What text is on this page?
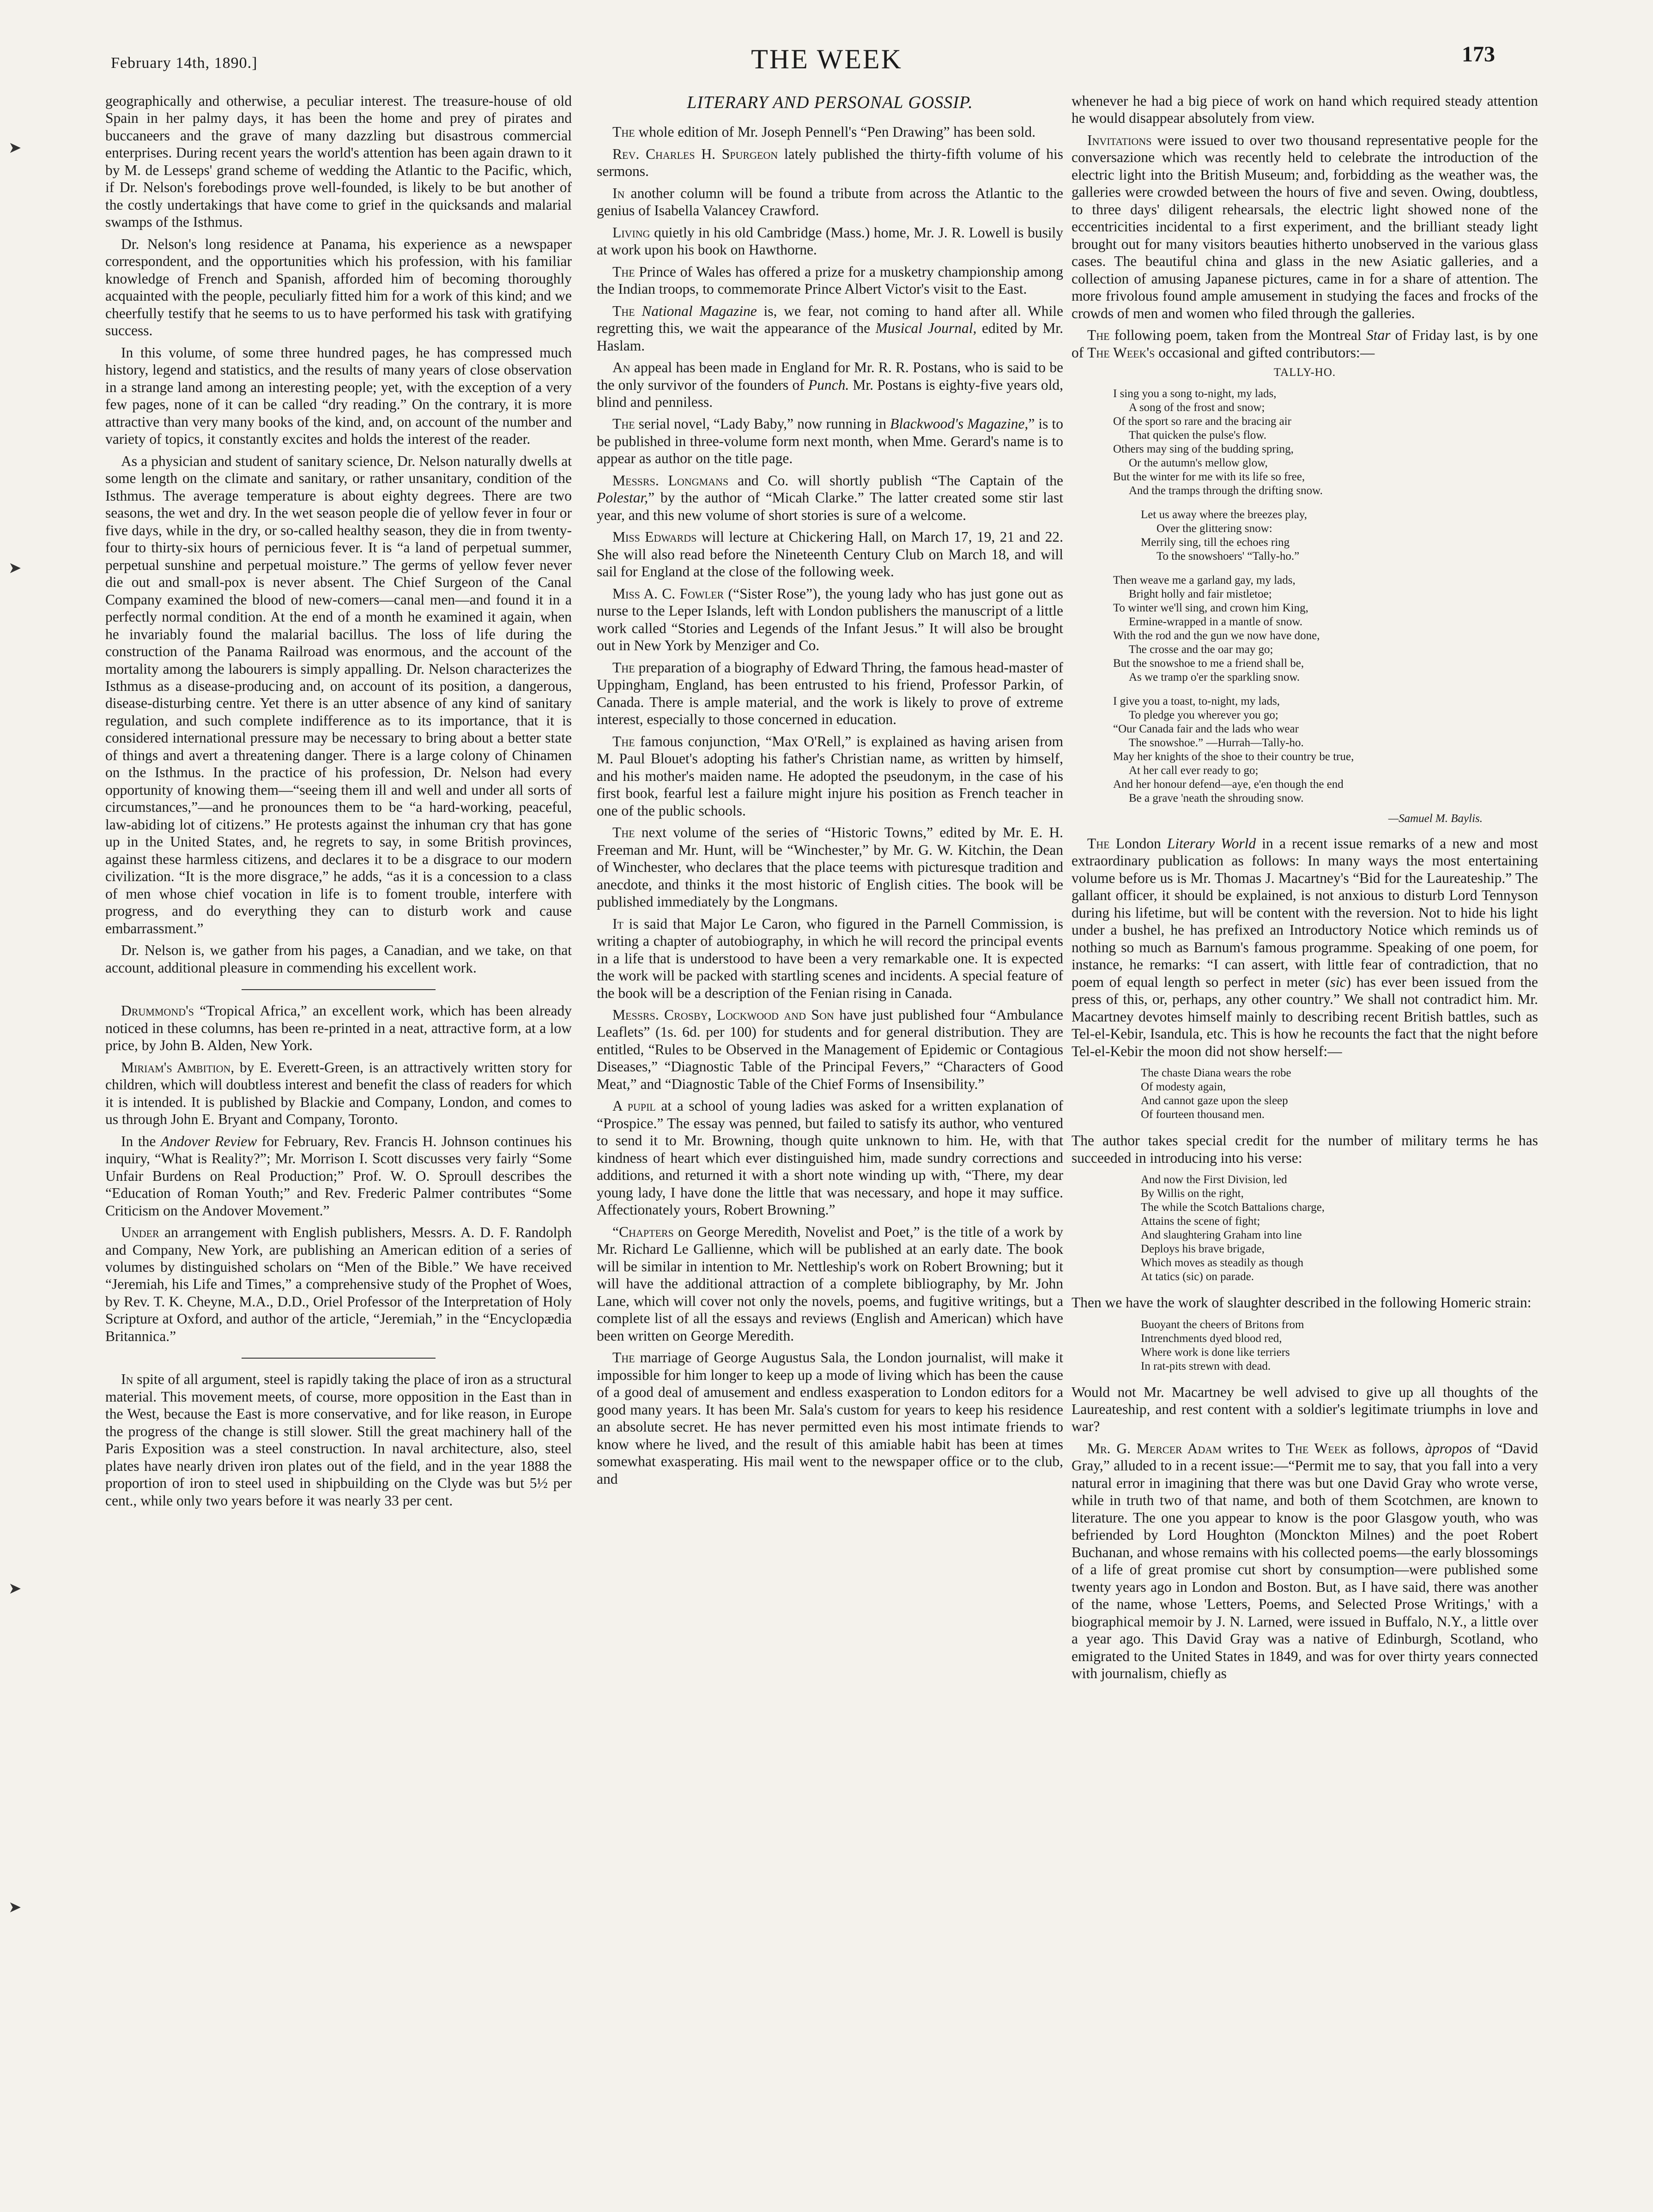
February 14th, 1890.]	THE WEEK	173
➤
➤
➤
➤

geographically and otherwise, a peculiar interest. The treasure-house of old Spain in her palmy days, it has been the home and prey of pirates and buccaneers and the grave of many dazzling but disastrous commercial enterprises. During recent years the world's attention has been again drawn to it by M. de Lesseps' grand scheme of wedding the Atlantic to the Pacific, which, if Dr. Nelson's forebodings prove well-founded, is likely to be but another of the costly undertakings that have come to grief in the quicksands and malarial swamps of the Isthmus.

Dr. Nelson's long residence at Panama, his experience as a newspaper correspondent, and the opportunities which his profession, with his familiar knowledge of French and Spanish, afforded him of becoming thoroughly acquainted with the people, peculiarly fitted him for a work of this kind; and we cheerfully testify that he seems to us to have performed his task with gratifying success.

In this volume, of some three hundred pages, he has compressed much history, legend and statistics, and the results of many years of close observation in a strange land among an interesting people; yet, with the exception of a very few pages, none of it can be called “dry reading.” On the contrary, it is more attractive than very many books of the kind, and, on account of the number and variety of topics, it constantly excites and holds the interest of the reader.

As a physician and student of sanitary science, Dr. Nelson naturally dwells at some length on the climate and sanitary, or rather unsanitary, condition of the Isthmus. The average temperature is about eighty degrees. There are two seasons, the wet and dry. In the wet season people die of yellow fever in four or five days, while in the dry, or so-called healthy season, they die in from twenty-four to thirty-six hours of pernicious fever. It is “a land of perpetual summer, perpetual sunshine and perpetual moisture.” The germs of yellow fever never die out and small-pox is never absent. The Chief Surgeon of the Canal Company examined the blood of new-comers—canal men—and found it in a perfectly normal condition. At the end of a month he examined it again, when he invariably found the malarial bacillus. The loss of life during the construction of the Panama Railroad was enormous, and the account of the mortality among the labourers is simply appalling. Dr. Nelson characterizes the Isthmus as a disease-producing and, on account of its position, a dangerous, disease-disturbing centre. Yet there is an utter absence of any kind of sanitary regulation, and such complete indifference as to its importance, that it is considered international pressure may be necessary to bring about a better state of things and avert a threatening danger. There is a large colony of Chinamen on the Isthmus. In the practice of his profession, Dr. Nelson had every opportunity of knowing them—“seeing them ill and well and under all sorts of circumstances,”—and he pronounces them to be “a hard-working, peaceful, law-abiding lot of citizens.” He protests against the inhuman cry that has gone up in the United States, and, he regrets to say, in some British provinces, against these harmless citizens, and declares it to be a disgrace to our modern civilization. “It is the more disgrace,” he adds, “as it is a concession to a class of men whose chief vocation in life is to foment trouble, interfere with progress, and do everything they can to disturb work and cause embarrassment.”

Dr. Nelson is, we gather from his pages, a Canadian, and we take, on that account, additional pleasure in commending his excellent work.

Drummond's “Tropical Africa,” an excellent work, which has been already noticed in these columns, has been re-printed in a neat, attractive form, at a low price, by John B. Alden, New York.

Miriam's Ambition, by E. Everett-Green, is an attractively written story for children, which will doubtless interest and benefit the class of readers for which it is intended. It is published by Blackie and Company, London, and comes to us through John E. Bryant and Company, Toronto.

In the Andover Review for February, Rev. Francis H. Johnson continues his inquiry, “What is Reality?”; Mr. Morrison I. Scott discusses very fairly “Some Unfair Burdens on Real Production;” Prof. W. O. Sproull describes the “Education of Roman Youth;” and Rev. Frederic Palmer contributes “Some Criticism on the Andover Movement.”

Under an arrangement with English publishers, Messrs. A. D. F. Randolph and Company, New York, are publishing an American edition of a series of volumes by distinguished scholars on “Men of the Bible.” We have received “Jeremiah, his Life and Times,” a comprehensive study of the Prophet of Woes, by Rev. T. K. Cheyne, M.A., D.D., Oriel Professor of the Interpretation of Holy Scripture at Oxford, and author of the article, “Jeremiah,” in the “Encyclopædia Britannica.”

In spite of all argument, steel is rapidly taking the place of iron as a structural material. This movement meets, of course, more opposition in the East than in the West, because the East is more conservative, and for like reason, in Europe the progress of the change is still slower. Still the great machinery hall of the Paris Exposition was a steel construction. In naval architecture, also, steel plates have nearly driven iron plates out of the field, and in the year 1888 the proportion of iron to steel used in shipbuilding on the Clyde was but 5½ per cent., while only two years before it was nearly 33 per cent.

LITERARY AND PERSONAL GOSSIP.

The whole edition of Mr. Joseph Pennell's “Pen Drawing” has been sold.

Rev. Charles H. Spurgeon lately published the thirty-fifth volume of his sermons.

In another column will be found a tribute from across the Atlantic to the genius of Isabella Valancey Crawford.

Living quietly in his old Cambridge (Mass.) home, Mr. J. R. Lowell is busily at work upon his book on Hawthorne.

The Prince of Wales has offered a prize for a musketry championship among the Indian troops, to commemorate Prince Albert Victor's visit to the East.

The National Magazine is, we fear, not coming to hand after all. While regretting this, we wait the appearance of the Musical Journal, edited by Mr. Haslam.

An appeal has been made in England for Mr. R. R. Postans, who is said to be the only survivor of the founders of Punch. Mr. Postans is eighty-five years old, blind and penniless.

The serial novel, “Lady Baby,” now running in Blackwood's Magazine,” is to be published in three-volume form next month, when Mme. Gerard's name is to appear as author on the title page.

Messrs. Longmans and Co. will shortly publish “The Captain of the Polestar,” by the author of “Micah Clarke.” The latter created some stir last year, and this new volume of short stories is sure of a welcome.

Miss Edwards will lecture at Chickering Hall, on March 17, 19, 21 and 22. She will also read before the Nineteenth Century Club on March 18, and will sail for England at the close of the following week.

Miss A. C. Fowler (“Sister Rose”), the young lady who has just gone out as nurse to the Leper Islands, left with London publishers the manuscript of a little work called “Stories and Legends of the Infant Jesus.” It will also be brought out in New York by Menziger and Co.

The preparation of a biography of Edward Thring, the famous head-master of Uppingham, England, has been entrusted to his friend, Professor Parkin, of Canada. There is ample material, and the work is likely to prove of extreme interest, especially to those concerned in education.

The famous conjunction, “Max O'Rell,” is explained as having arisen from M. Paul Blouet's adopting his father's Christian name, as written by himself, and his mother's maiden name. He adopted the pseudonym, in the case of his first book, fearful lest a failure might injure his position as French teacher in one of the public schools.

The next volume of the series of “Historic Towns,” edited by Mr. E. H. Freeman and Mr. Hunt, will be “Winchester,” by Mr. G. W. Kitchin, the Dean of Winchester, who declares that the place teems with picturesque tradition and anecdote, and thinks it the most historic of English cities. The book will be published immediately by the Longmans.

It is said that Major Le Caron, who figured in the Parnell Commission, is writing a chapter of autobiography, in which he will record the principal events in a life that is understood to have been a very remarkable one. It is expected the work will be packed with startling scenes and incidents. A special feature of the book will be a description of the Fenian rising in Canada.

Messrs. Crosby, Lockwood and Son have just published four “Ambulance Leaflets” (1s. 6d. per 100) for students and for general distribution. They are entitled, “Rules to be Observed in the Management of Epidemic or Contagious Diseases,” “Diagnostic Table of the Principal Fevers,” “Characters of Good Meat,” and “Diagnostic Table of the Chief Forms of Insensibility.”

A pupil at a school of young ladies was asked for a written explanation of “Prospice.” The essay was penned, but failed to satisfy its author, who ventured to send it to Mr. Browning, though quite unknown to him. He, with that kindness of heart which ever distinguished him, made sundry corrections and additions, and returned it with a short note winding up with, “There, my dear young lady, I have done the little that was necessary, and hope it may suffice. Affectionately yours, Robert Browning.”

“Chapters on George Meredith, Novelist and Poet,” is the title of a work by Mr. Richard Le Gallienne, which will be published at an early date. The book will be similar in intention to Mr. Nettleship's work on Robert Browning; but it will have the additional attraction of a complete bibliography, by Mr. John Lane, which will cover not only the novels, poems, and fugitive writings, but a complete list of all the essays and reviews (English and American) which have been written on George Meredith.

The marriage of George Augustus Sala, the London journalist, will make it impossible for him longer to keep up a mode of living which has been the cause of a good deal of amusement and endless exasperation to London editors for a good many years. It has been Mr. Sala's custom for years to keep his residence an absolute secret. He has never permitted even his most intimate friends to know where he lived, and the result of this amiable habit has been at times somewhat exasperating. His mail went to the newspaper office or to the club, and

whenever he had a big piece of work on hand which required steady attention he would disappear absolutely from view.

Invitations were issued to over two thousand representative people for the conversazione which was recently held to celebrate the introduction of the electric light into the British Museum; and, forbidding as the weather was, the galleries were crowded between the hours of five and seven. Owing, doubtless, to three days' diligent rehearsals, the electric light showed none of the eccentricities incidental to a first experiment, and the brilliant steady light brought out for many visitors beauties hitherto unobserved in the various glass cases. The beautiful china and glass in the new Asiatic galleries, and a collection of amusing Japanese pictures, came in for a share of attention. The more frivolous found ample amusement in studying the faces and frocks of the crowds of men and women who filed through the galleries.

The following poem, taken from the Montreal Star of Friday last, is by one of The Week's occasional and gifted contributors:—

TALLY-HO.
I sing you a song to-night, my lads,
A song of the frost and snow;
Of the sport so rare and the bracing air
That quicken the pulse's flow.
Others may sing of the budding spring,
Or the autumn's mellow glow,
But the winter for me with its life so free,
And the tramps through the drifting snow.
Let us away where the breezes play,
Over the glittering snow:
Merrily sing, till the echoes ring
To the snowshoers' “Tally-ho.”
Then weave me a garland gay, my lads,
Bright holly and fair mistletoe;
To winter we'll sing, and crown him King,
Ermine-wrapped in a mantle of snow.
With the rod and the gun we now have done,
The crosse and the oar may go;
But the snowshoe to me a friend shall be,
As we tramp o'er the sparkling snow.
I give you a toast, to-night, my lads,
To pledge you wherever you go;
“Our Canada fair and the lads who wear
The snowshoe.” —Hurrah—Tally-ho.
May her knights of the shoe to their country be true,
At her call ever ready to go;
And her honour defend—aye, e'en though the end
Be a grave 'neath the shrouding snow.
—Samuel M. Baylis.

The London Literary World in a recent issue remarks of a new and most extraordinary publication as follows: In many ways the most entertaining volume before us is Mr. Thomas J. Macartney's “Bid for the Laureateship.” The gallant officer, it should be explained, is not anxious to disturb Lord Tennyson during his lifetime, but will be content with the reversion. Not to hide his light under a bushel, he has prefixed an Introductory Notice which reminds us of nothing so much as Barnum's famous programme. Speaking of one poem, for instance, he remarks: “I can assert, with little fear of contradiction, that no poem of equal length so perfect in meter (sic) has ever been issued from the press of this, or, perhaps, any other country.” We shall not contradict him. Mr. Macartney devotes himself mainly to describing recent British battles, such as Tel-el-Kebir, Isandula, etc. This is how he recounts the fact that the night before Tel-el-Kebir the moon did not show herself:—

The chaste Diana wears the robe
Of modesty again,
And cannot gaze upon the sleep
Of fourteen thousand men.

The author takes special credit for the number of military terms he has succeeded in introducing into his verse:

And now the First Division, led
By Willis on the right,
The while the Scotch Battalions charge,
Attains the scene of fight;
And slaughtering Graham into line
Deploys his brave brigade,
Which moves as steadily as though
At tatics (sic) on parade.

Then we have the work of slaughter described in the following Homeric strain:

Buoyant the cheers of Britons from
Intrenchments dyed blood red,
Where work is done like terriers
In rat-pits strewn with dead.

Would not Mr. Macartney be well advised to give up all thoughts of the Laureateship, and rest content with a soldier's legitimate triumphs in love and war?

Mr. G. Mercer Adam writes to The Week as follows, àpropos of “David Gray,” alluded to in a recent issue:—“Permit me to say, that you fall into a very natural error in imagining that there was but one David Gray who wrote verse, while in truth two of that name, and both of them Scotchmen, are known to literature. The one you appear to know is the poor Glasgow youth, who was befriended by Lord Houghton (Monckton Milnes) and the poet Robert Buchanan, and whose remains with his collected poems—the early blossomings of a life of great promise cut short by consumption—were published some twenty years ago in London and Boston. But, as I have said, there was another of the name, whose 'Letters, Poems, and Selected Prose Writings,' with a biographical memoir by J. N. Larned, were issued in Buffalo, N.Y., a little over a year ago. This David Gray was a native of Edinburgh, Scotland, who emigrated to the United States in 1849, and was for over thirty years connected with journalism, chiefly as
